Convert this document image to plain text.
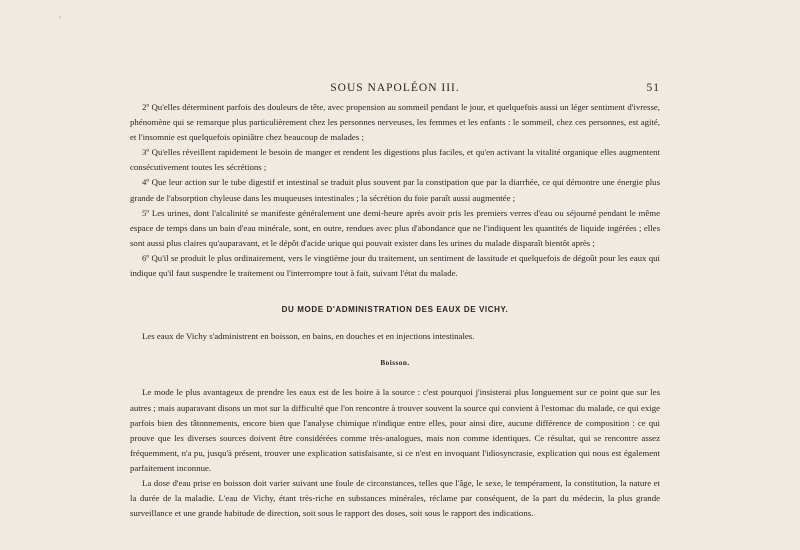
ʼ
SOUS NAPOLÉON III.	51

2º Qu'elles déterminent parfois des douleurs de tête, avec propension au sommeil pendant le jour, et quelquefois aussi un léger sentiment d'ivresse, phénomène qui se remarque plus particulièrement chez les personnes nerveuses, les femmes et les enfants : le sommeil, chez ces personnes, est agité, et l'insomnie est quelquefois opiniâtre chez beaucoup de malades ;

3º Qu'elles réveillent rapidement le besoin de manger et rendent les digestions plus faciles, et qu'en activant la vitalité organique elles augmentent consécutivement toutes les sécrétions ;

4º Que leur action sur le tube digestif et intestinal se traduit plus souvent par la constipation que par la diarrhée, ce qui démontre une énergie plus grande de l'absorption chyleuse dans les muqueuses intestinales ; la sécrétion du foie paraît aussi augmentée ;

5º Les urines, dont l'alcalinité se manifeste généralement une demi-heure après avoir pris les premiers verres d'eau ou séjourné pendant le même espace de temps dans un bain d'eau minérale, sont, en outre, rendues avec plus d'abondance que ne l'indiquent les quantités de liquide ingérées ; elles sont aussi plus claires qu'auparavant, et le dépôt d'acide urique qui pouvait exister dans les urines du malade disparaît bientôt après ;

6º Qu'il se produit le plus ordinairement, vers le vingtième jour du traitement, un sentiment de lassitude et quelquefois de dégoût pour les eaux qui indique qu'il faut suspendre le traitement ou l'interrompre tout à fait, suivant l'état du malade.

DU MODE D'ADMINISTRATION DES EAUX DE VICHY.

Les eaux de Vichy s'administrent en boisson, en bains, en douches et en injections intestinales.

Boisson.

Le mode le plus avantageux de prendre les eaux est de les boire à la source : c'est pourquoi j'insisterai plus longuement sur ce point que sur les autres ; mais auparavant disons un mot sur la difficulté que l'on rencontre à trouver souvent la source qui convient à l'estomac du malade, ce qui exige parfois bien des tâtonnements, encore bien que l'analyse chimique n'indique entre elles, pour ainsi dire, aucune différence de composition : ce qui prouve que les diverses sources doivent être considérées comme très-analogues, mais non comme identiques. Ce résultat, qui se rencontre assez fréquemment, n'a pu, jusqu'à présent, trouver une explication satisfaisante, si ce n'est en invoquant l'idiosyncrasie, explication qui nous est également parfaitement inconnue.

La dose d'eau prise en boisson doit varier suivant une foule de circonstances, telles que l'âge, le sexe, le tempérament, la constitution, la nature et la durée de la maladie. L'eau de Vichy, étant très-riche en substances minérales, réclame par conséquent, de la part du médecin, la plus grande surveillance et une grande habitude de direction, soit sous le rapport des doses, soit sous le rapport des indications.
